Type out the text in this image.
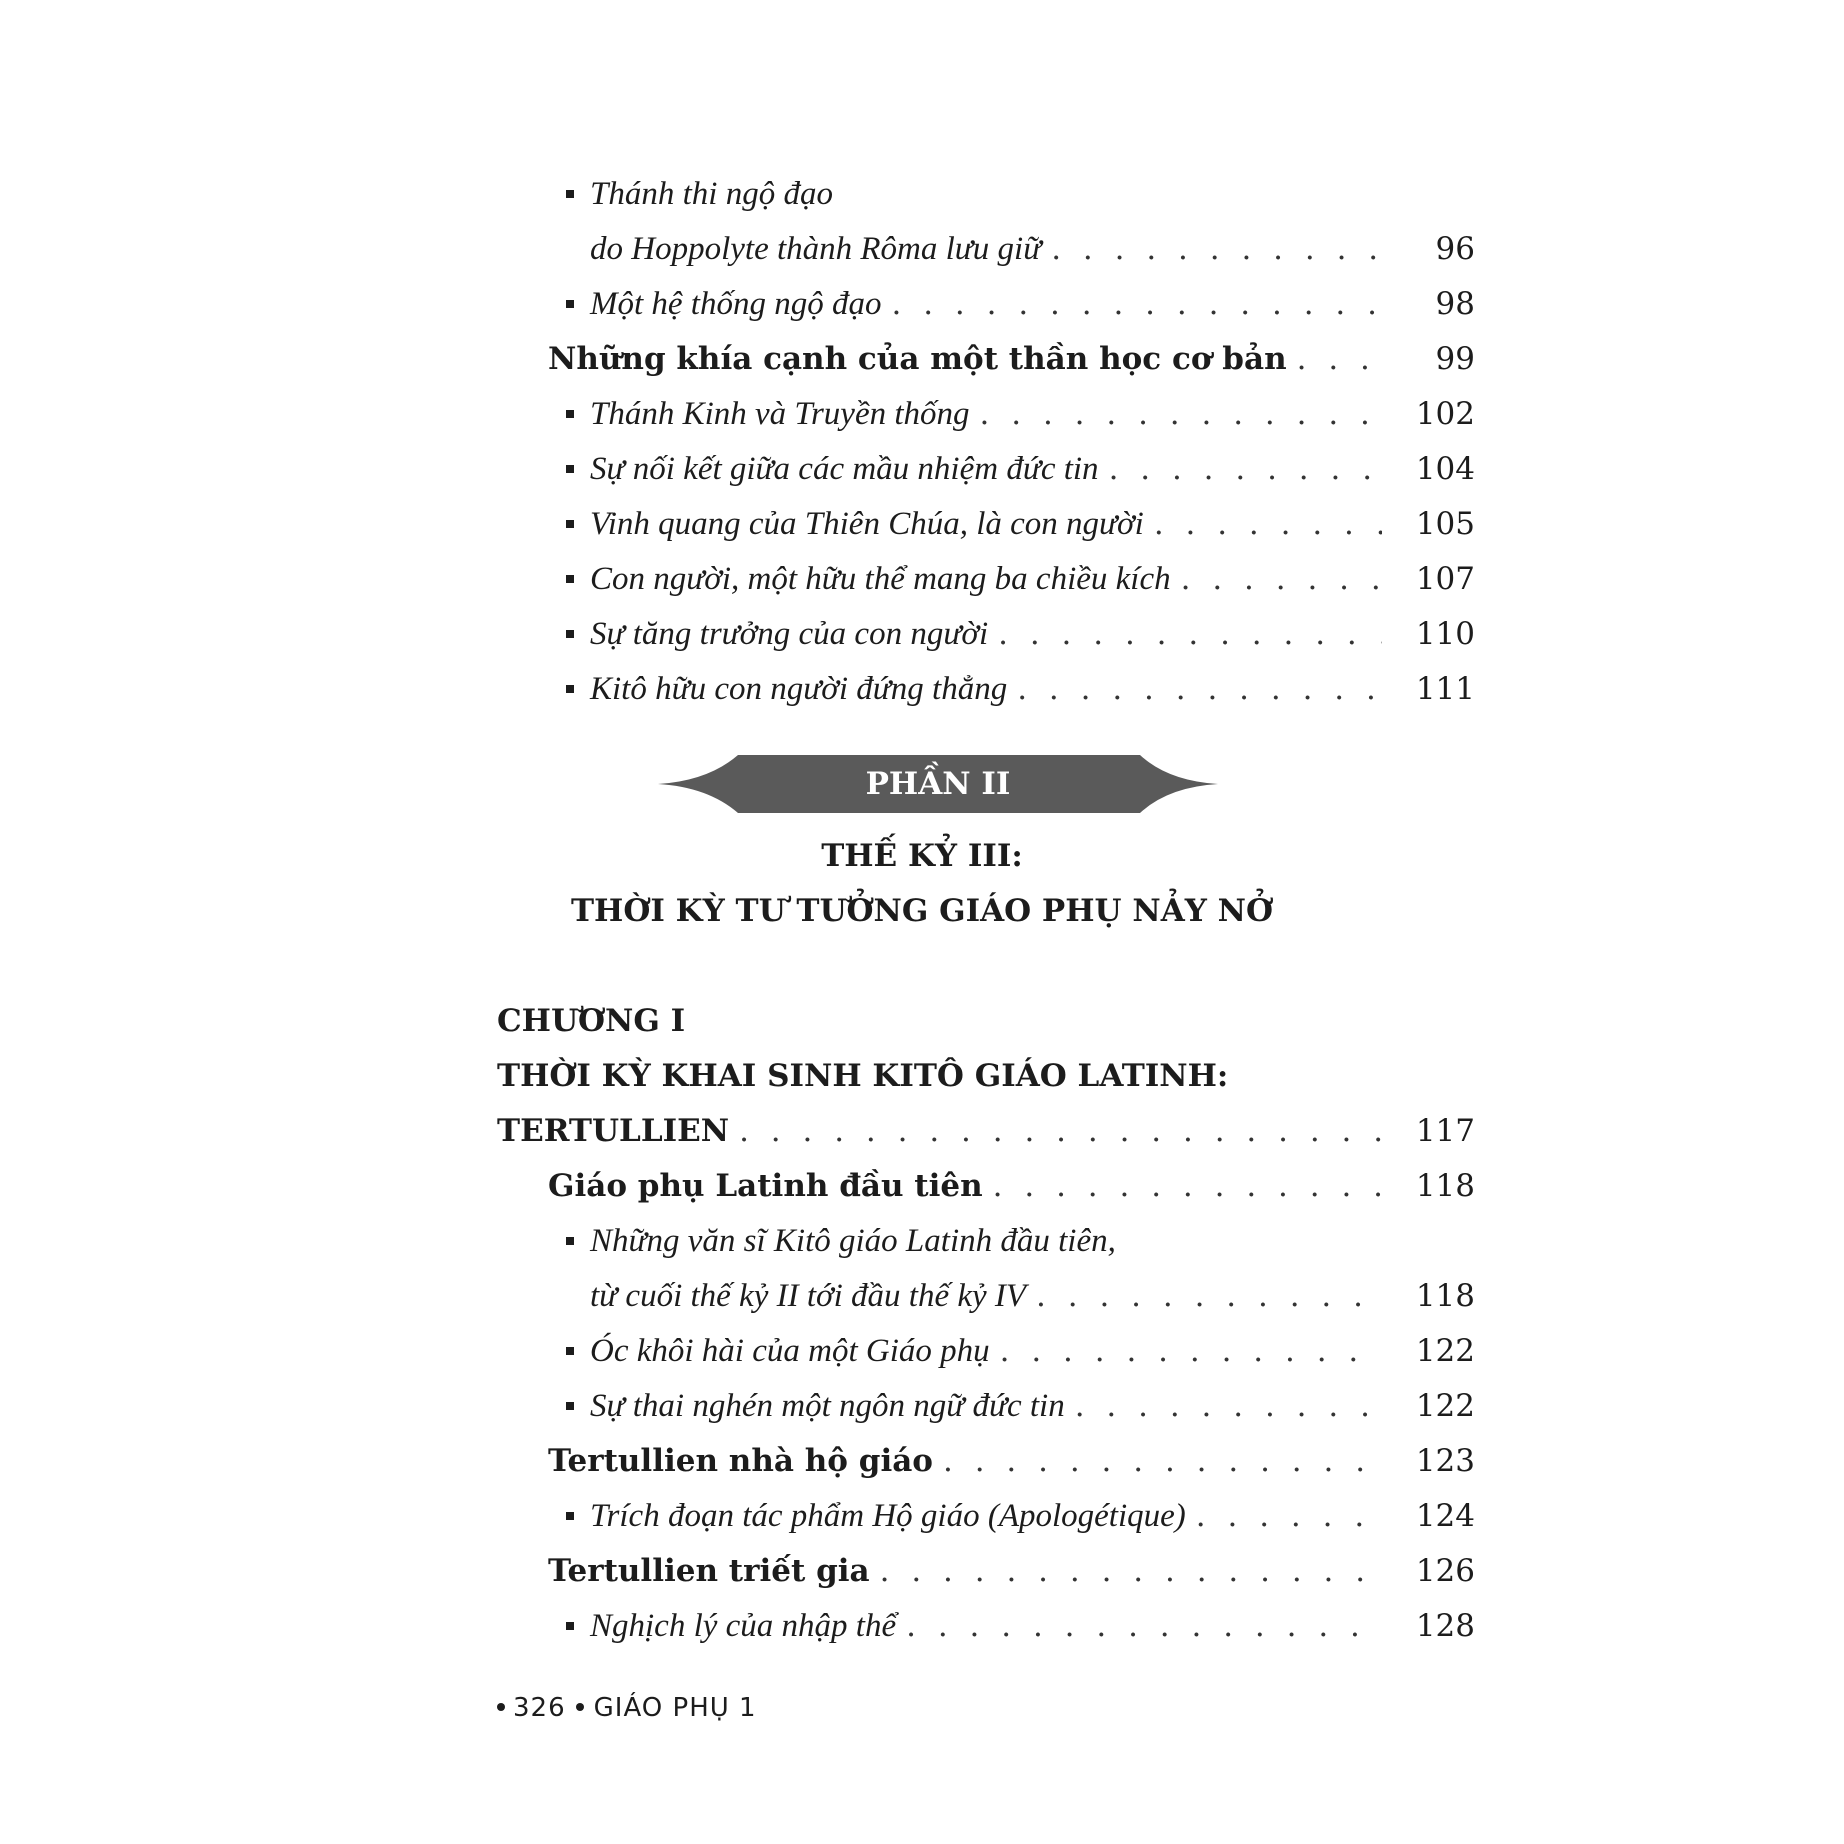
Thánh thi ngộ đạo
do Hoppolyte thành Rôma lưu giữ . . .	96
Một hệ thống ngộ đạo . . .	98
Những khía cạnh của một thần học cơ bản . . .	99
Thánh Kinh và Truyền thống . . .	102
Sự nối kết giữa các mầu nhiệm đức tin . . .	104
Vinh quang của Thiên Chúa, là con người . . .	105
Con người, một hữu thể mang ba chiều kích . . .	107
Sự tăng trưởng của con người . . .	110
Kitô hữu con người đứng thẳng . . .	111
PHẦN II
THẾ KỶ III:
THỜI KỲ TƯ TƯỞNG GIÁO PHỤ NẢY NỞ
CHƯƠNG I
THỜI KỲ KHAI SINH KITÔ GIÁO LATINH:
TERTULLIEN . . .	117
Giáo phụ Latinh đầu tiên . . .	118
Những văn sĩ Kitô giáo Latinh đầu tiên,
từ cuối thế kỷ II tới đầu thế kỷ IV . . .	118
Óc khôi hài của một Giáo phụ . . .	122
Sự thai nghén một ngôn ngữ đức tin . . .	122
Tertullien nhà hộ giáo . . .	123
Trích đoạn tác phẩm Hộ giáo (Apologétique) . . .	124
Tertullien triết gia . . .	126
Nghịch lý của nhập thể . . .	128
326 GIÁO PHỤ 1
